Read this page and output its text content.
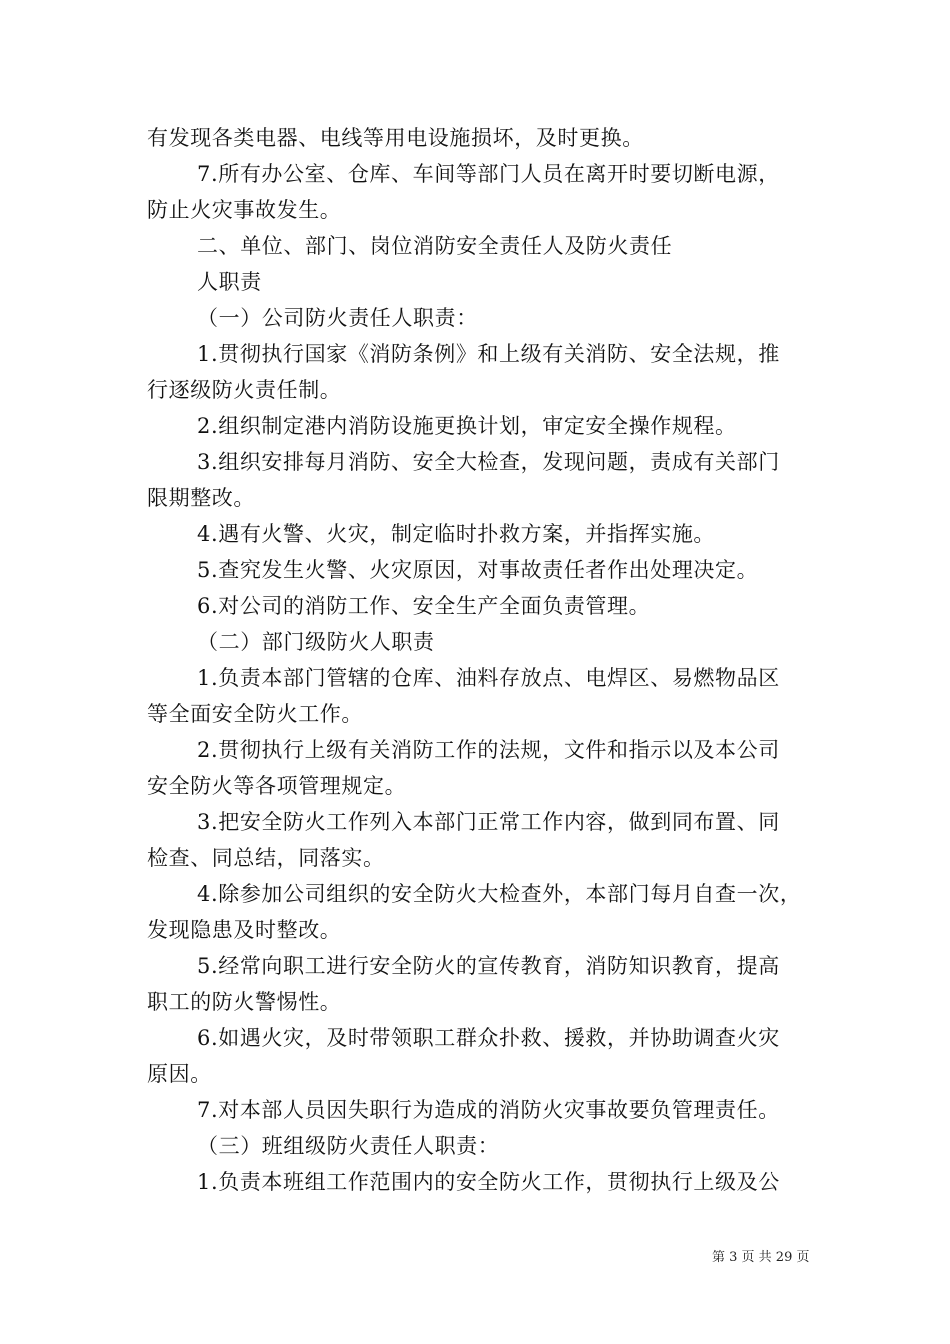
有发现各类电器、电线等用电设施损坏，及时更换。
7.所有办公室、仓库、车间等部门人员在离开时要切断电源，
防止火灾事故发生。
二、单位、部门、岗位消防安全责任人及防火责任
人职责
（一）公司防火责任人职责：
1.贯彻执行国家《消防条例》和上级有关消防、安全法规，推
行逐级防火责任制。
2.组织制定港内消防设施更换计划，审定安全操作规程。
3.组织安排每月消防、安全大检查，发现问题，责成有关部门
限期整改。
4.遇有火警、火灾，制定临时扑救方案，并指挥实施。
5.查究发生火警、火灾原因，对事故责任者作出处理决定。
6.对公司的消防工作、安全生产全面负责管理。
（二）部门级防火人职责
1.负责本部门管辖的仓库、油料存放点、电焊区、易燃物品区
等全面安全防火工作。
2.贯彻执行上级有关消防工作的法规，文件和指示以及本公司
安全防火等各项管理规定。
3.把安全防火工作列入本部门正常工作内容，做到同布置、同
检查、同总结，同落实。
4.除参加公司组织的安全防火大检查外，本部门每月自查一次，
发现隐患及时整改。
5.经常向职工进行安全防火的宣传教育，消防知识教育，提高
职工的防火警惕性。
6.如遇火灾，及时带领职工群众扑救、援救，并协助调查火灾
原因。
7.对本部人员因失职行为造成的消防火灾事故要负管理责任。
（三）班组级防火责任人职责：
1.负责本班组工作范围内的安全防火工作，贯彻执行上级及公
第 3 页 共 29 页
